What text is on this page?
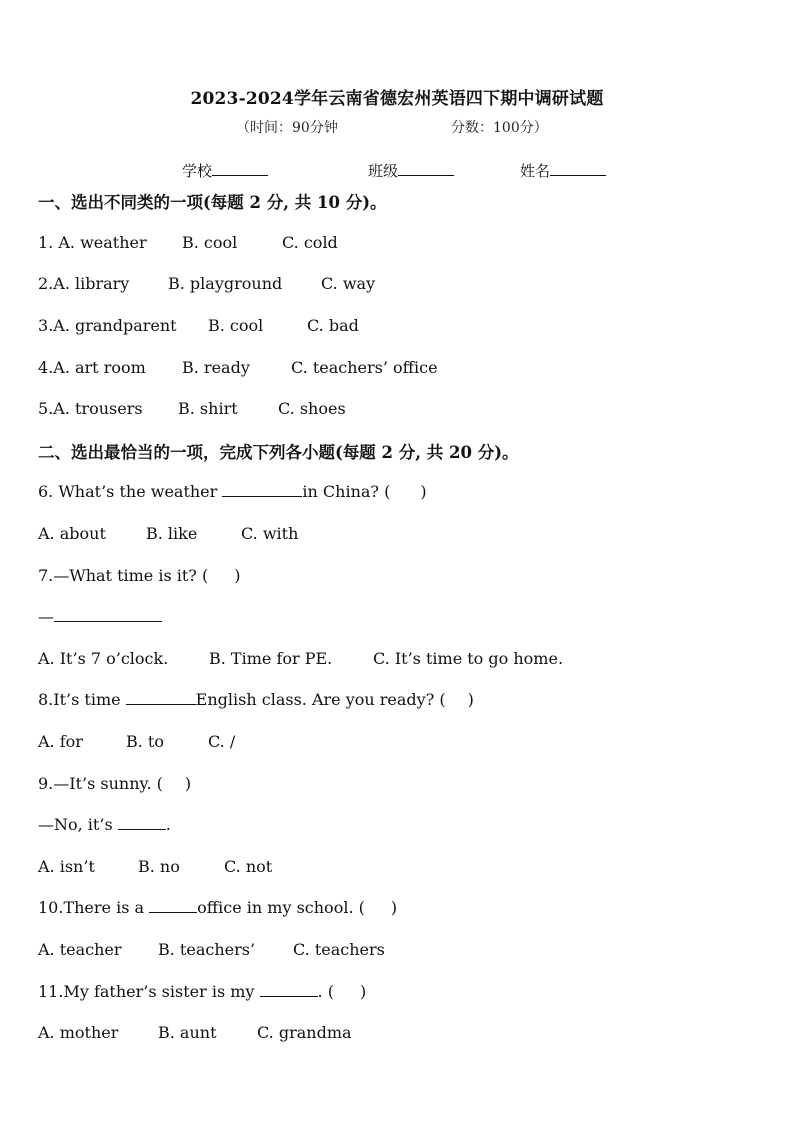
2023-2024学年云南省德宏州英语四下期中调研试题
（时间：90分钟	分数：100分）
学校	班级	姓名
一、选出不同类的一项(每题 2 分, 共 10 分)。
1. A. weather B. cool	C. cold
2.A. library B. playground C. way
3.A. grandparent B. cool	C. bad
4.A. art room B. ready	C. teachers’ office
5.A. trousers B. shirt	C. shoes
二、选出最恰当的一项，完成下列各小题(每题 2 分, 共 20 分)。
6. What’s the weather	in China? ( )
A. about	B. like	C. with
7.—What time is it? ( )
—
A. It’s 7 o’clock.	B. Time for PE.	C. It’s time to go home.
8.It’s time	English class. Are you ready? ( )
A. for	B. to	C. /
9.—It’s sunny. ( )
—No, it’s	.
A. isn’t	B. no	C. not
10.There is a	office in my school. ( )
A. teacher B. teachers’ C. teachers
11.My father’s sister is my	. ( )
A. mother B. aunt	C. grandma
